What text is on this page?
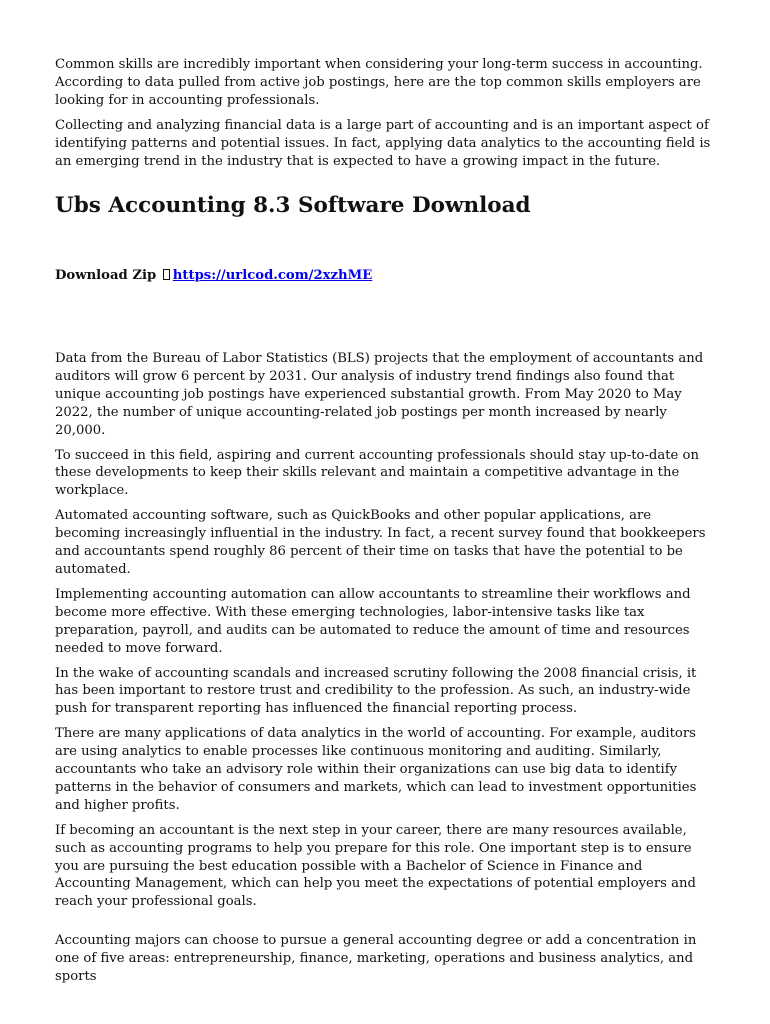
Common skills are incredibly important when considering your long-term success in accounting. According to data pulled from active job postings, here are the top common skills employers are looking for in accounting professionals.

Collecting and analyzing financial data is a large part of accounting and is an important aspect of identifying patterns and potential issues. In fact, applying data analytics to the accounting field is an emerging trend in the industry that is expected to have a growing impact in the future.

Ubs Accounting 8.3 Software Download
Download Zip https://urlcod.com/2xzhME

Data from the Bureau of Labor Statistics (BLS) projects that the employment of accountants and auditors will grow 6 percent by 2031. Our analysis of industry trend findings also found that unique accounting job postings have experienced substantial growth. From May 2020 to May 2022, the number of unique accounting-related job postings per month increased by nearly 20,000.

To succeed in this field, aspiring and current accounting professionals should stay up-to-date on these developments to keep their skills relevant and maintain a competitive advantage in the workplace.

Automated accounting software, such as QuickBooks and other popular applications, are becoming increasingly influential in the industry. In fact, a recent survey found that bookkeepers and accountants spend roughly 86 percent of their time on tasks that have the potential to be automated.

Implementing accounting automation can allow accountants to streamline their workflows and become more effective. With these emerging technologies, labor-intensive tasks like tax preparation, payroll, and audits can be automated to reduce the amount of time and resources needed to move forward.

In the wake of accounting scandals and increased scrutiny following the 2008 financial crisis, it has been important to restore trust and credibility to the profession. As such, an industry-wide push for transparent reporting has influenced the financial reporting process.

There are many applications of data analytics in the world of accounting. For example, auditors are using analytics to enable processes like continuous monitoring and auditing. Similarly, accountants who take an advisory role within their organizations can use big data to identify patterns in the behavior of consumers and markets, which can lead to investment opportunities and higher profits.

If becoming an accountant is the next step in your career, there are many resources available, such as accounting programs to help you prepare for this role. One important step is to ensure you are pursuing the best education possible with a Bachelor of Science in Finance and Accounting Management, which can help you meet the expectations of potential employers and reach your professional goals.

Accounting majors can choose to pursue a general accounting degree or add a concentration in one of five areas: entrepreneurship, finance, marketing, operations and business analytics, and sports
